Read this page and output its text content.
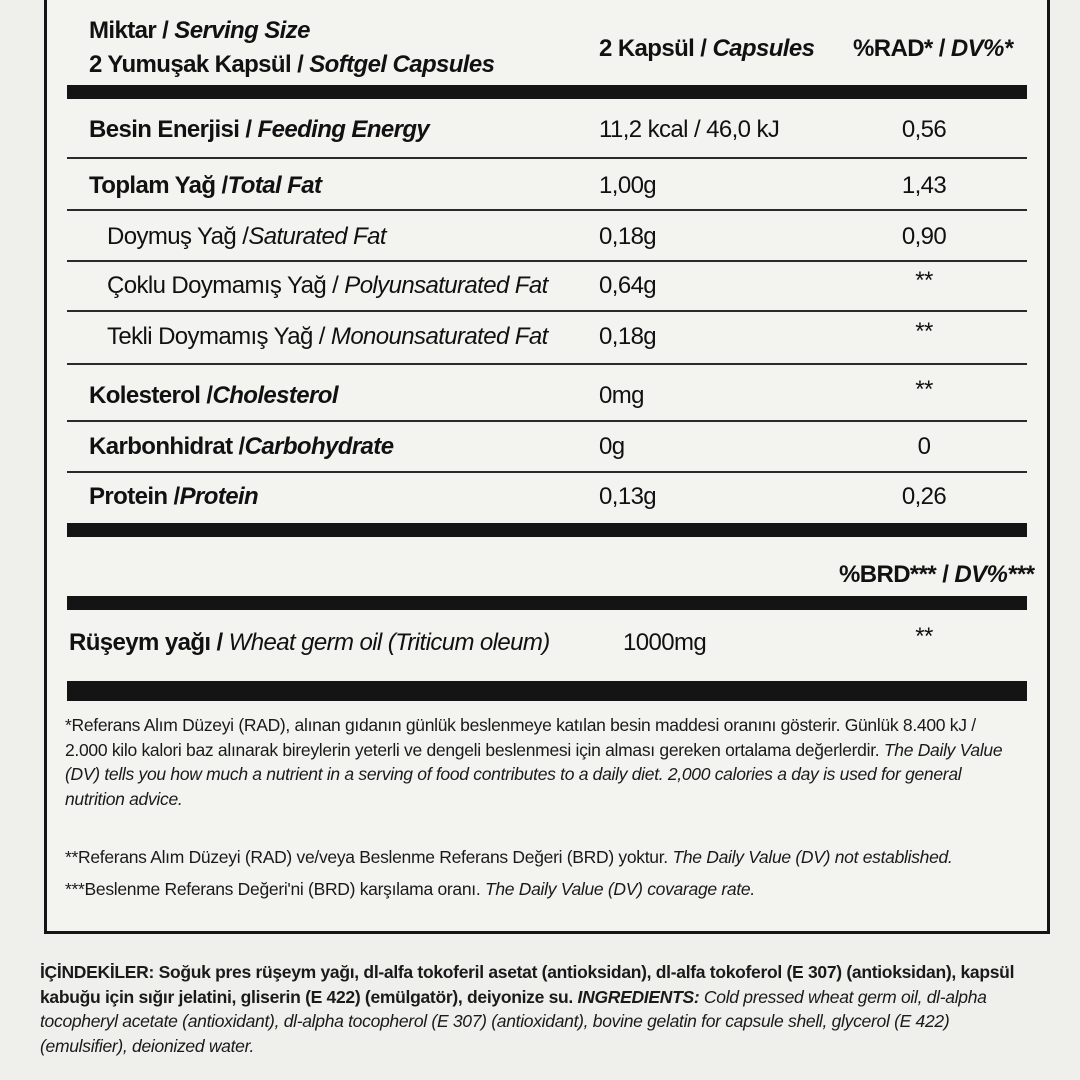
Miktar / Serving Size
2 Yumuşak Kapsül / Softgel Capsules
2 Kapsül / Capsules %RAD* / DV%*
Besin Enerjisi / Feeding Energy	11,2 kcal / 46,0 kJ	0,56
Toplam Yağ /Total Fat	1,00g	1,43
Doymuş Yağ /Saturated Fat	0,18g	0,90
Çoklu Doymamış Yağ / Polyunsaturated Fat 0,64g	**
Tekli Doymamış Yağ / Monounsaturated Fat 0,18g	**
Kolesterol /Cholesterol	0mg	**
Karbonhidrat /Carbohydrate	0g	0
Protein /Protein	0,13g	0,26
%BRD*** / DV%***
Rüşeym yağı / Wheat germ oil (Triticum oleum)	1000mg	**
*Referans Alım Düzeyi (RAD), alınan gıdanın günlük beslenmeye katılan besin maddesi oranını gösterir. Günlük 8.400 kJ / 2.000 kilo kalori baz alınarak bireylerin yeterli ve dengeli beslenmesi için alması gereken ortalama değerlerdir. The Daily Value (DV) tells you how much a nutrient in a serving of food contributes to a daily diet. 2,000 calories a day is used for general nutrition advice.
**Referans Alım Düzeyi (RAD) ve/veya Beslenme Referans Değeri (BRD) yoktur. The Daily Value (DV) not established.
***Beslenme Referans Değeri'ni (BRD) karşılama oranı. The Daily Value (DV) covarage rate.
İÇİNDEKİLER: Soğuk pres rüşeym yağı, dl-alfa tokoferil asetat (antioksidan), dl-alfa tokoferol (E 307) (antioksidan), kapsül kabuğu için sığır jelatini, gliserin (E 422) (emülgatör), deiyonize su. INGREDIENTS: Cold pressed wheat germ oil, dl-alpha tocopheryl acetate (antioxidant), dl-alpha tocopherol (E 307) (antioxidant), bovine gelatin for capsule shell, glycerol (E 422) (emulsifier), deionized water.
